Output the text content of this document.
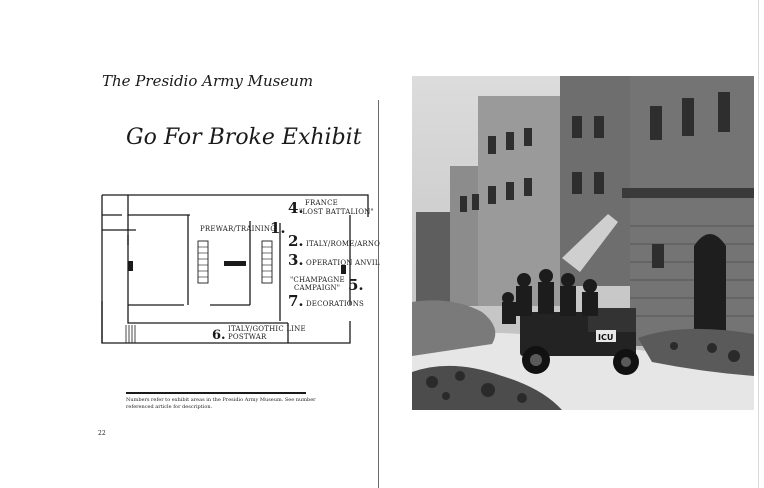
The Presidio Army Museum
Go For Broke Exhibit
4. FRANCE
"LOST BATTALION"
PREWAR/TRAINING
1.
2. ITALY/ROME/ARNO
3. OPERATION ANVIL
"CHAMPAGNE
CAMPAIGN" 5.
7. DECORATIONS
6. ITALY/GOTHIC LINE
POSTWAR

Numbers refer to exhibit areas in the Presidio Army Museum. See number referenced article for description.

22
ICU
